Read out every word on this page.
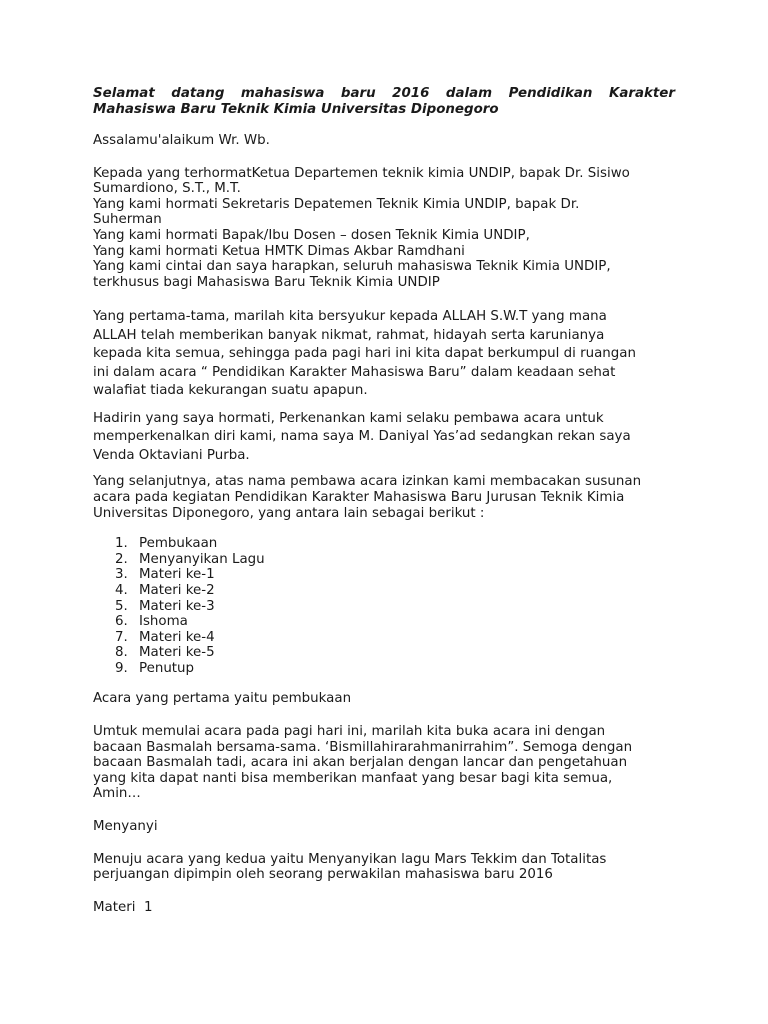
Selamat datang mahasiswa baru 2016 dalam Pendidikan Karakter
Mahasiswa Baru Teknik Kimia Universitas Diponegoro

Assalamu'alaikum Wr. Wb.

Kepada yang terhormatKetua Departemen teknik kimia UNDIP, bapak Dr. Sisiwo
Sumardiono, S.T., M.T.
Yang kami hormati Sekretaris Depatemen Teknik Kimia UNDIP, bapak Dr.
Suherman
Yang kami hormati Bapak/Ibu Dosen – dosen Teknik Kimia UNDIP,
Yang kami hormati Ketua HMTK Dimas Akbar Ramdhani
Yang kami cintai dan saya harapkan, seluruh mahasiswa Teknik Kimia UNDIP,
terkhusus bagi Mahasiswa Baru Teknik Kimia UNDIP
Yang pertama-tama, marilah kita bersyukur kepada ALLAH S.W.T yang mana
ALLAH telah memberikan banyak nikmat, rahmat, hidayah serta karunianya
kepada kita semua, sehingga pada pagi hari ini kita dapat berkumpul di ruangan
ini dalam acara “ Pendidikan Karakter Mahasiswa Baru” dalam keadaan sehat
walafiat tiada kekurangan suatu apapun.
Hadirin yang saya hormati, Perkenankan kami selaku pembawa acara untuk
memperkenalkan diri kami, nama saya M. Daniyal Yas’ad sedangkan rekan saya
Venda Oktaviani Purba.
Yang selanjutnya, atas nama pembawa acara izinkan kami membacakan susunan
acara pada kegiatan Pendidikan Karakter Mahasiswa Baru Jurusan Teknik Kimia
Universitas Diponegoro, yang antara lain sebagai berikut :
1. Pembukaan
2. Menyanyikan Lagu
3. Materi ke-1
4. Materi ke-2
5. Materi ke-3
6. Ishoma
7. Materi ke-4
8. Materi ke-5
9. Penutup

Acara yang pertama yaitu pembukaan

Umtuk memulai acara pada pagi hari ini, marilah kita buka acara ini dengan
bacaan Basmalah bersama-sama. ‘Bismillahirarahmanirrahim”. Semoga dengan
bacaan Basmalah tadi, acara ini akan berjalan dengan lancar dan pengetahuan
yang kita dapat nanti bisa memberikan manfaat yang besar bagi kita semua,
Amin…

Menyanyi

Menuju acara yang kedua yaitu Menyanyikan lagu Mars Tekkim dan Totalitas
perjuangan dipimpin oleh seorang perwakilan mahasiswa baru 2016

Materi  1
